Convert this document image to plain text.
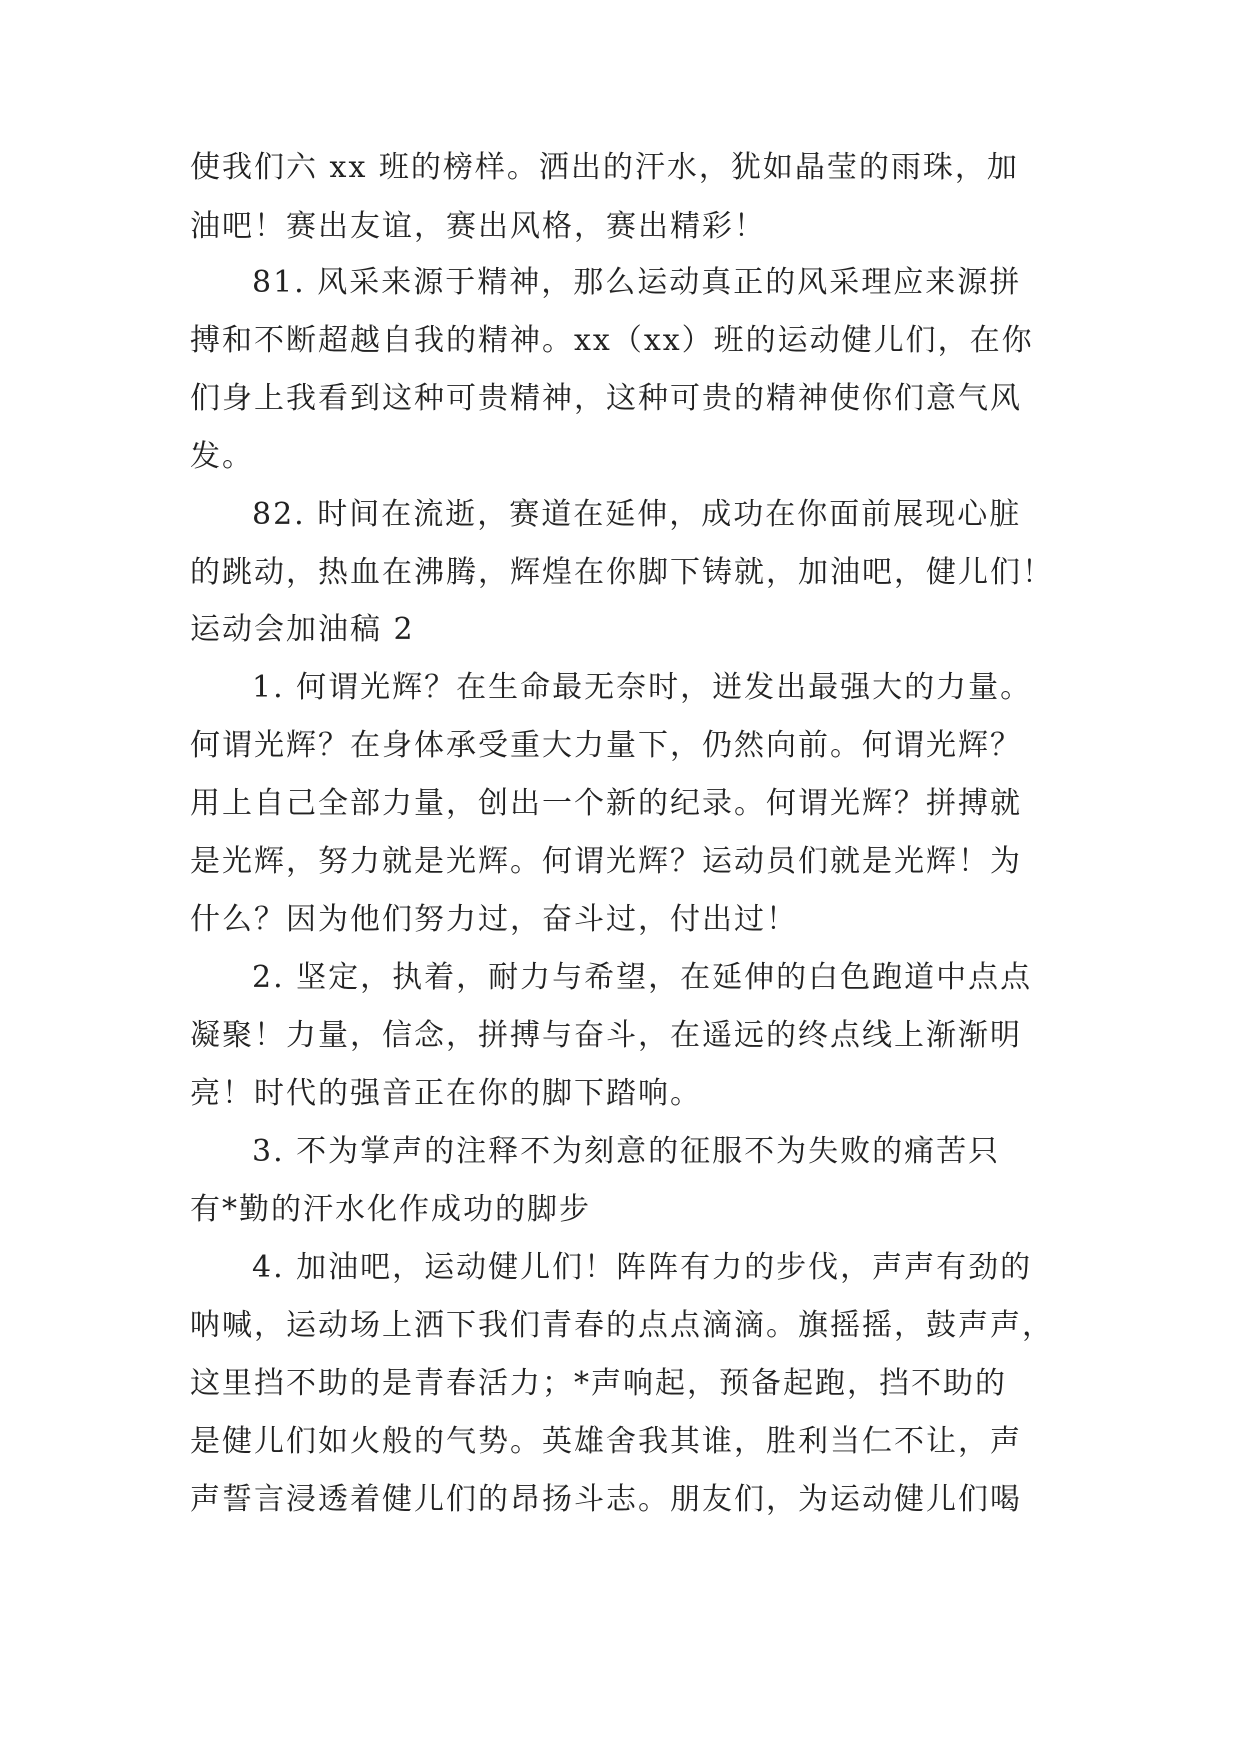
使我们六 xx 班的榜样。洒出的汗水，犹如晶莹的雨珠，加
油吧！赛出友谊，赛出风格，赛出精彩！
81. 风采来源于精神，那么运动真正的风采理应来源拼
搏和不断超越自我的精神。xx（xx）班的运动健儿们，在你
们身上我看到这种可贵精神，这种可贵的精神使你们意气风
发。
82. 时间在流逝，赛道在延伸，成功在你面前展现心脏
的跳动，热血在沸腾，辉煌在你脚下铸就，加油吧，健儿们！
运动会加油稿 2
1. 何谓光辉？在生命最无奈时，迸发出最强大的力量。
何谓光辉？在身体承受重大力量下，仍然向前。何谓光辉？
用上自己全部力量，创出一个新的纪录。何谓光辉？拼搏就
是光辉，努力就是光辉。何谓光辉？运动员们就是光辉！为
什么？因为他们努力过，奋斗过，付出过！
2. 坚定，执着，耐力与希望，在延伸的白色跑道中点点
凝聚！力量，信念，拼搏与奋斗，在遥远的终点线上渐渐明
亮！时代的强音正在你的脚下踏响。
3. 不为掌声的注释不为刻意的征服不为失败的痛苦只
有*勤的汗水化作成功的脚步
4. 加油吧，运动健儿们！阵阵有力的步伐，声声有劲的
呐喊，运动场上洒下我们青春的点点滴滴。旗摇摇，鼓声声，
这里挡不助的是青春活力；*声响起，预备起跑，挡不助的
是健儿们如火般的气势。英雄舍我其谁，胜利当仁不让，声
声誓言浸透着健儿们的昂扬斗志。朋友们，为运动健儿们喝
